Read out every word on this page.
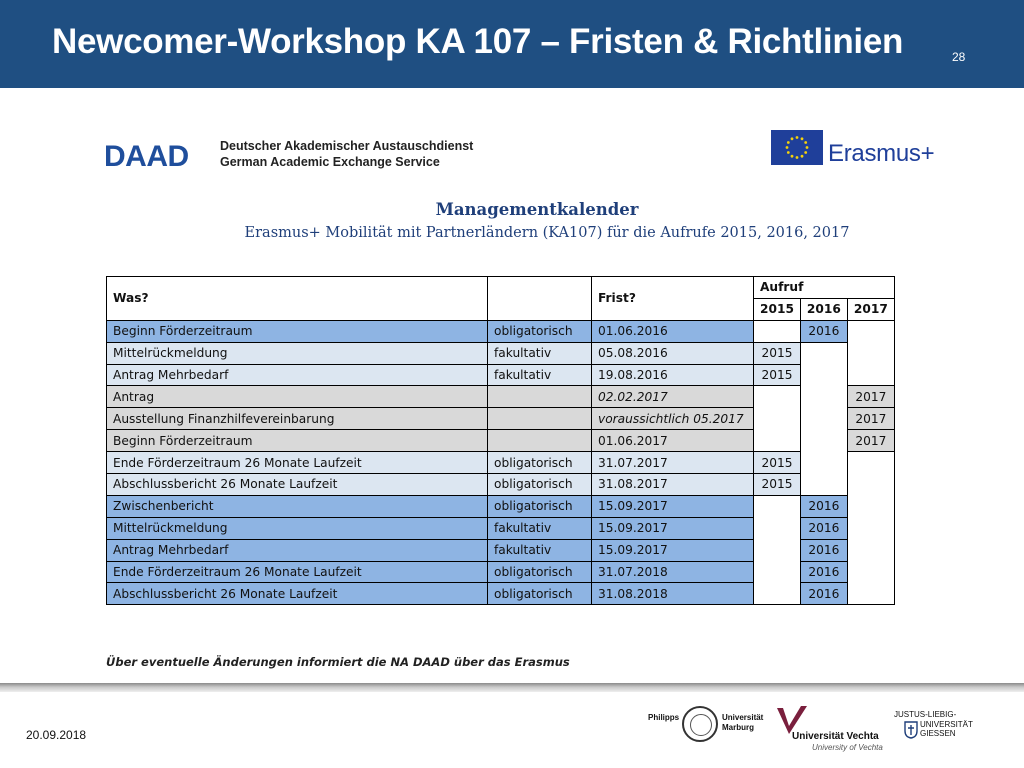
Newcomer-Workshop KA 107 – Fristen & Richtlinien	28
DAAD	Deutscher Akademischer Austauschdienst
German Academic Exchange Service	Erasmus+
Managementkalender
Erasmus+ Mobilität mit Partnerländern (KA107) für die Aufrufe 2015, 2016, 2017
Was?		Frist?	Aufruf		
			2015	2016	2017
Beginn Förderzeitraum	obligatorisch	01.06.2016		2016	
Mittelrückmeldung	fakultativ	05.08.2016	2015		
Antrag Mehrbedarf	fakultativ	19.08.2016	2015		
Antrag		02.02.2017			2017
Ausstellung Finanzhilfevereinbarung		voraussichtlich 05.2017			2017
Beginn Förderzeitraum		01.06.2017			2017
Ende Förderzeitraum 26 Monate Laufzeit	obligatorisch	31.07.2017	2015		
Abschlussbericht 26 Monate Laufzeit	obligatorisch	31.08.2017	2015		
Zwischenbericht	obligatorisch	15.09.2017		2016	
Mittelrückmeldung	fakultativ	15.09.2017		2016	
Antrag Mehrbedarf	fakultativ	15.09.2017		2016	
Ende Förderzeitraum 26 Monate Laufzeit	obligatorisch	31.07.2018		2016	
Abschlussbericht 26 Monate Laufzeit	obligatorisch	31.08.2018		2016	
Über eventuelle Änderungen informiert die NA DAAD über das Erasmus
20.09.2018
Philipps	Universität
Marburg
Universität Vechta
University of Vechta
JUSTUS-LIEBIG-
UNIVERSITÄT
GIESSEN
